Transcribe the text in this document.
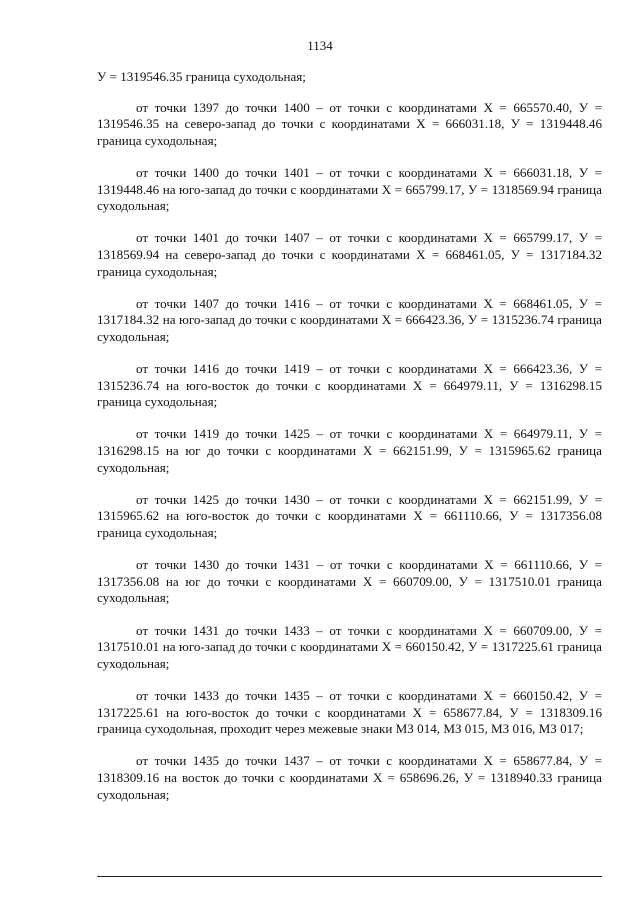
1134

У = 1319546.35 граница суходольная;

от точки 1397 до точки 1400 – от точки с координатами Х = 665570.40, У = 1319546.35 на северо-запад до точки с координатами Х = 666031.18, У = 1319448.46 граница суходольная;

от точки 1400 до точки 1401 – от точки с координатами Х = 666031.18, У = 1319448.46 на юго-запад до точки с координатами Х = 665799.17, У = 1318569.94 граница суходольная;

от точки 1401 до точки 1407 – от точки с координатами Х = 665799.17, У = 1318569.94 на северо-запад до точки с координатами Х = 668461.05, У = 1317184.32 граница суходольная;

от точки 1407 до точки 1416 – от точки с координатами Х = 668461.05, У = 1317184.32 на юго-запад до точки с координатами Х = 666423.36, У = 1315236.74 граница суходольная;

от точки 1416 до точки 1419 – от точки с координатами Х = 666423.36, У = 1315236.74 на юго-восток до точки с координатами Х = 664979.11, У = 1316298.15 граница суходольная;

от точки 1419 до точки 1425 – от точки с координатами Х = 664979.11, У = 1316298.15 на юг до точки с координатами Х = 662151.99, У = 1315965.62 граница суходольная;

от точки 1425 до точки 1430 – от точки с координатами Х = 662151.99, У = 1315965.62 на юго-восток до точки с координатами Х = 661110.66, У = 1317356.08 граница суходольная;

от точки 1430 до точки 1431 – от точки с координатами Х = 661110.66, У = 1317356.08 на юг до точки с координатами Х = 660709.00, У = 1317510.01 граница суходольная;

от точки 1431 до точки 1433 – от точки с координатами Х = 660709.00, У = 1317510.01 на юго-запад до точки с координатами Х = 660150.42, У = 1317225.61 граница суходольная;

от точки 1433 до точки 1435 – от точки с координатами Х = 660150.42, У = 1317225.61 на юго-восток до точки с координатами Х = 658677.84, У = 1318309.16 граница суходольная, проходит через межевые знаки МЗ 014, МЗ 015, МЗ 016, МЗ 017;

от точки 1435 до точки 1437 – от точки с координатами Х = 658677.84, У = 1318309.16 на восток до точки с координатами Х = 658696.26, У = 1318940.33 граница суходольная;
